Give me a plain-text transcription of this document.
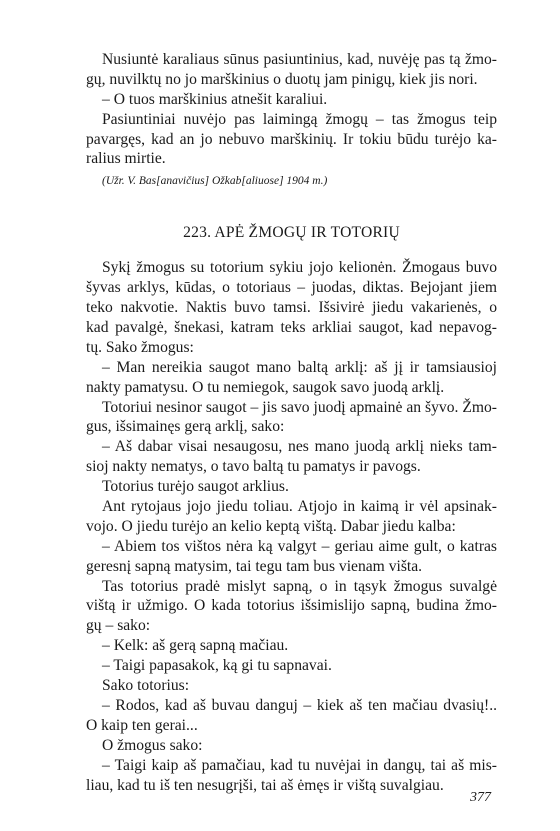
Nusiuntė karaliaus sūnus pasiuntinius, kad, nuvėję pas tą žmo-
gų, nuvilktų no jo marškinius o duotų jam pinigų, kiek jis nori.
– O tuos marškinius atnešit karaliui.
Pasiuntiniai nuvėjo pas laimingą žmogų – tas žmogus teip
pavargęs, kad an jo nebuvo marškinių. Ir tokiu būdu turėjo ka-
ralius mirtie.
(Užr. V. Bas[anavičius] Ožkab[aliuose] 1904 m.)
223. APĖ ŽMOGŲ IR TOTORIŲ
Sykį žmogus su totorium sykiu jojo kelionėn. Žmogaus buvo
šyvas arklys, kūdas, o totoriaus – juodas, diktas. Bejojant jiem
teko nakvotie. Naktis buvo tamsi. Išsivirė jiedu vakarienės, o
kad pavalgė, šnekasi, katram teks arkliai saugot, kad nepavog-
tų. Sako žmogus:
– Man nereikia saugot mano baltą arklį: aš jį ir tamsiausioj
nakty pamatysu. O tu nemiegok, saugok savo juodą arklį.
Totoriui nesinor saugot – jis savo juodį apmainė an šyvo. Žmo-
gus, išsimainęs gerą arklį, sako:
– Aš dabar visai nesaugosu, nes mano juodą arklį nieks tam-
sioj nakty nematys, o tavo baltą tu pamatys ir pavogs.
Totorius turėjo saugot arklius.
Ant rytojaus jojo jiedu toliau. Atjojo in kaimą ir vėl apsinak-
vojo. O jiedu turėjo an kelio keptą vištą. Dabar jiedu kalba:
– Abiem tos vištos nėra ką valgyt – geriau aime gult, o katras
geresnį sapną matysim, tai tegu tam bus vienam višta.
Tas totorius pradė mislyt sapną, o in tąsyk žmogus suvalgė
vištą ir užmigo. O kada totorius išsimislijo sapną, budina žmo-
gų – sako:
– Kelk: aš gerą sapną mačiau.
– Taigi papasakok, ką gi tu sapnavai.
Sako totorius:
– Rodos, kad aš buvau danguj – kiek aš ten mačiau dvasių!..
O kaip ten gerai...
O žmogus sako:
– Taigi kaip aš pamačiau, kad tu nuvėjai in dangų, tai aš mis-
liau, kad tu iš ten nesugrįši, tai aš ėmęs ir vištą suvalgiau.
377
